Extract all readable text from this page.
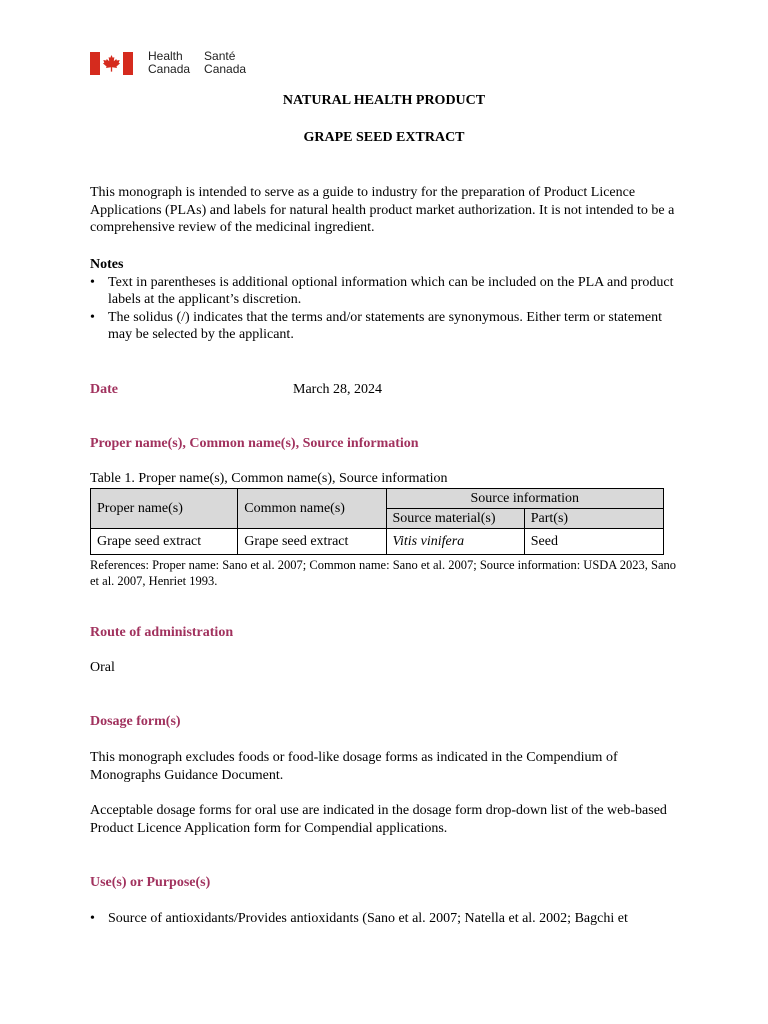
Health
Canada
Santé
Canada
NATURAL HEALTH PRODUCT
GRAPE SEED EXTRACT
This monograph is intended to serve as a guide to industry for the preparation of Product Licence Applications (PLAs) and labels for natural health product market authorization. It is not intended to be a comprehensive review of the medicinal ingredient.
Notes
• Text in parentheses is additional optional information which can be included on the PLA and product labels at the applicant’s discretion.
• The solidus (/) indicates that the terms and/or statements are synonymous. Either term or statement may be selected by the applicant.
Date	March 28, 2024
Proper name(s), Common name(s), Source information
Table 1. Proper name(s), Common name(s), Source information
Proper name(s)	Common name(s)	Source information	
		Source material(s)	Part(s)
Grape seed extract	Grape seed extract	Vitis vinifera	Seed
References: Proper name: Sano et al. 2007; Common name: Sano et al. 2007; Source information: USDA 2023, Sano et al. 2007, Henriet 1993.
Route of administration
Oral
Dosage form(s)
This monograph excludes foods or food-like dosage forms as indicated in the Compendium of Monographs Guidance Document.
Acceptable dosage forms for oral use are indicated in the dosage form drop-down list of the web-based Product Licence Application form for Compendial applications.
Use(s) or Purpose(s)
• Source of antioxidants/Provides antioxidants (Sano et al. 2007; Natella et al. 2002; Bagchi et
